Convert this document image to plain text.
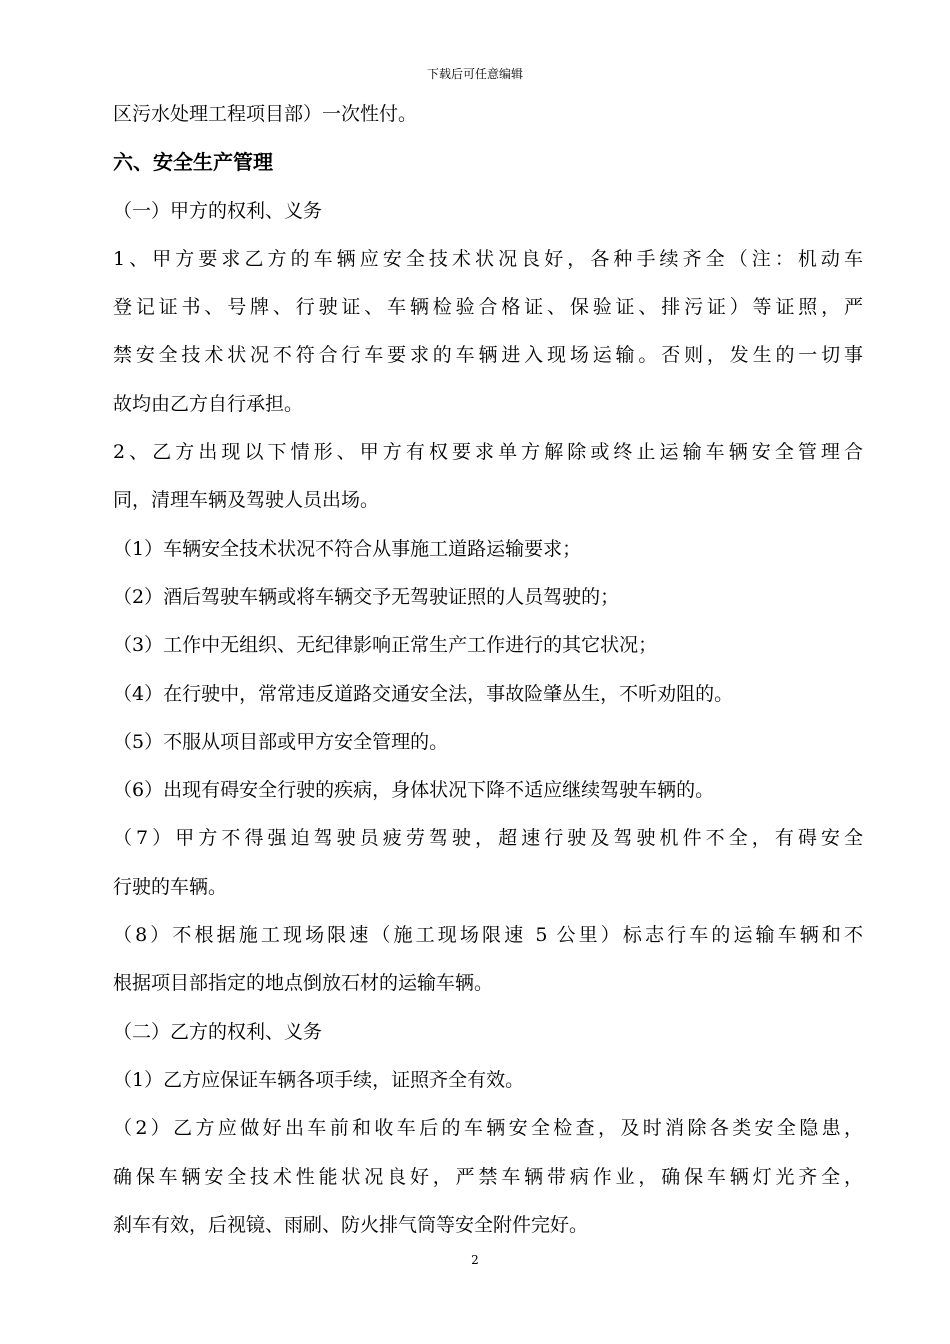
下载后可任意编辑
区污水处理工程项目部）一次性付。
六、安全生产管理
（一）甲方的权利、义务
1、甲方要求乙方的车辆应安全技术状况良好，各种手续齐全（注：机动车
登记证书、号牌、行驶证、车辆检验合格证、保验证、排污证）等证照，严
禁安全技术状况不符合行车要求的车辆进入现场运输。否则，发生的一切事
故均由乙方自行承担。
2、乙方出现以下情形、甲方有权要求单方解除或终止运输车辆安全管理合
同，清理车辆及驾驶人员出场。
（1）车辆安全技术状况不符合从事施工道路运输要求；
（2）酒后驾驶车辆或将车辆交予无驾驶证照的人员驾驶的；
（3）工作中无组织、无纪律影响正常生产工作进行的其它状况；
（4）在行驶中，常常违反道路交通安全法，事故险肇丛生，不听劝阻的。
（5）不服从项目部或甲方安全管理的。
（6）出现有碍安全行驶的疾病，身体状况下降不适应继续驾驶车辆的。
（7）甲方不得强迫驾驶员疲劳驾驶，超速行驶及驾驶机件不全，有碍安全
行驶的车辆。
（8）不根据施工现场限速（施工现场限速 5 公里）标志行车的运输车辆和不
根据项目部指定的地点倒放石材的运输车辆。
（二）乙方的权利、义务
（1）乙方应保证车辆各项手续，证照齐全有效。
（2）乙方应做好出车前和收车后的车辆安全检查，及时消除各类安全隐患，
确保车辆安全技术性能状况良好，严禁车辆带病作业，确保车辆灯光齐全，
刹车有效，后视镜、雨刷、防火排气筒等安全附件完好。
2
